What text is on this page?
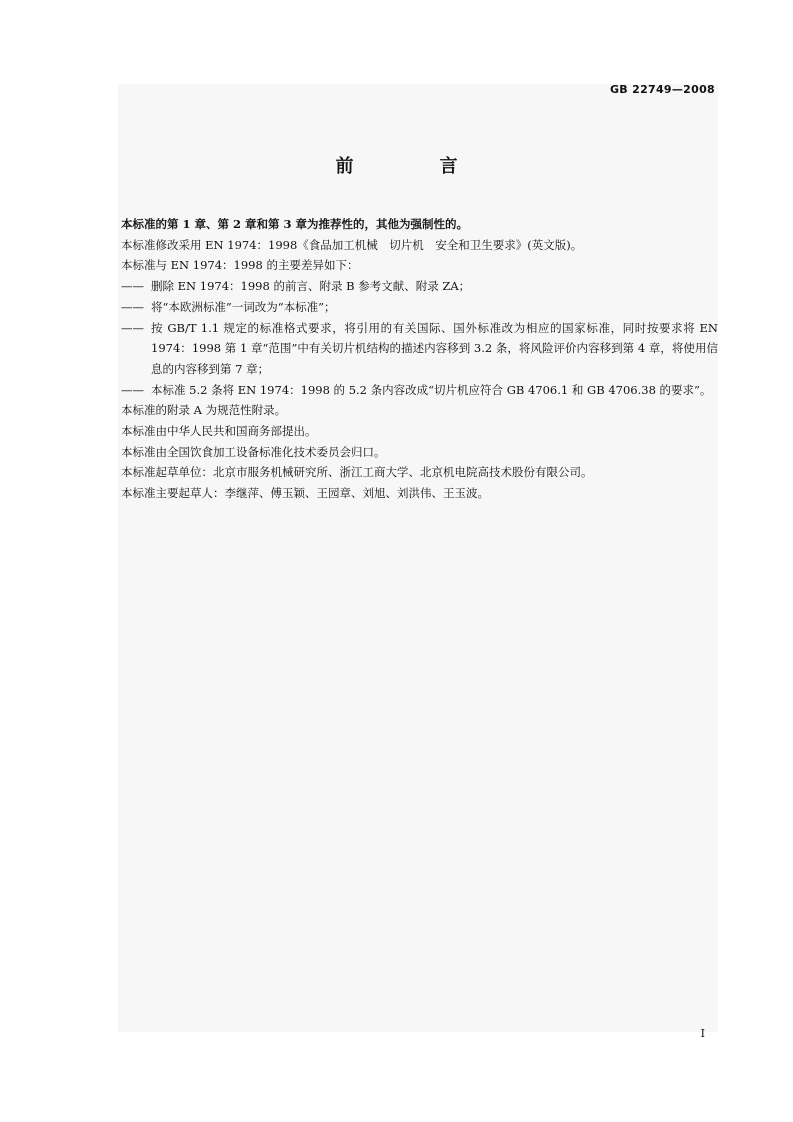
GB 22749—2008
前　言

本标准的第 1 章、第 2 章和第 3 章为推荐性的，其他为强制性的。

本标准修改采用 EN 1974：1998《食品加工机械　切片机　安全和卫生要求》(英文版)。

本标准与 EN 1974：1998 的主要差异如下：

—— 删除 EN 1974：1998 的前言、附录 B 参考文献、附录 ZA；
—— 将“本欧洲标准”一词改为“本标准”；
—— 按 GB/T 1.1 规定的标准格式要求，将引用的有关国际、国外标准改为相应的国家标准，同时按要求将 EN 1974：1998 第 1 章“范围”中有关切片机结构的描述内容移到 3.2 条，将风险评价内容移到第 4 章，将使用信息的内容移到第 7 章；
—— 本标准 5.2 条将 EN 1974：1998 的 5.2 条内容改成“切片机应符合 GB 4706.1 和 GB 4706.38 的要求”。

本标准的附录 A 为规范性附录。

本标准由中华人民共和国商务部提出。

本标准由全国饮食加工设备标准化技术委员会归口。

本标准起草单位：北京市服务机械研究所、浙江工商大学、北京机电院高技术股份有限公司。

本标准主要起草人：李继萍、傅玉颖、王园章、刘旭、刘洪伟、王玉波。

I
